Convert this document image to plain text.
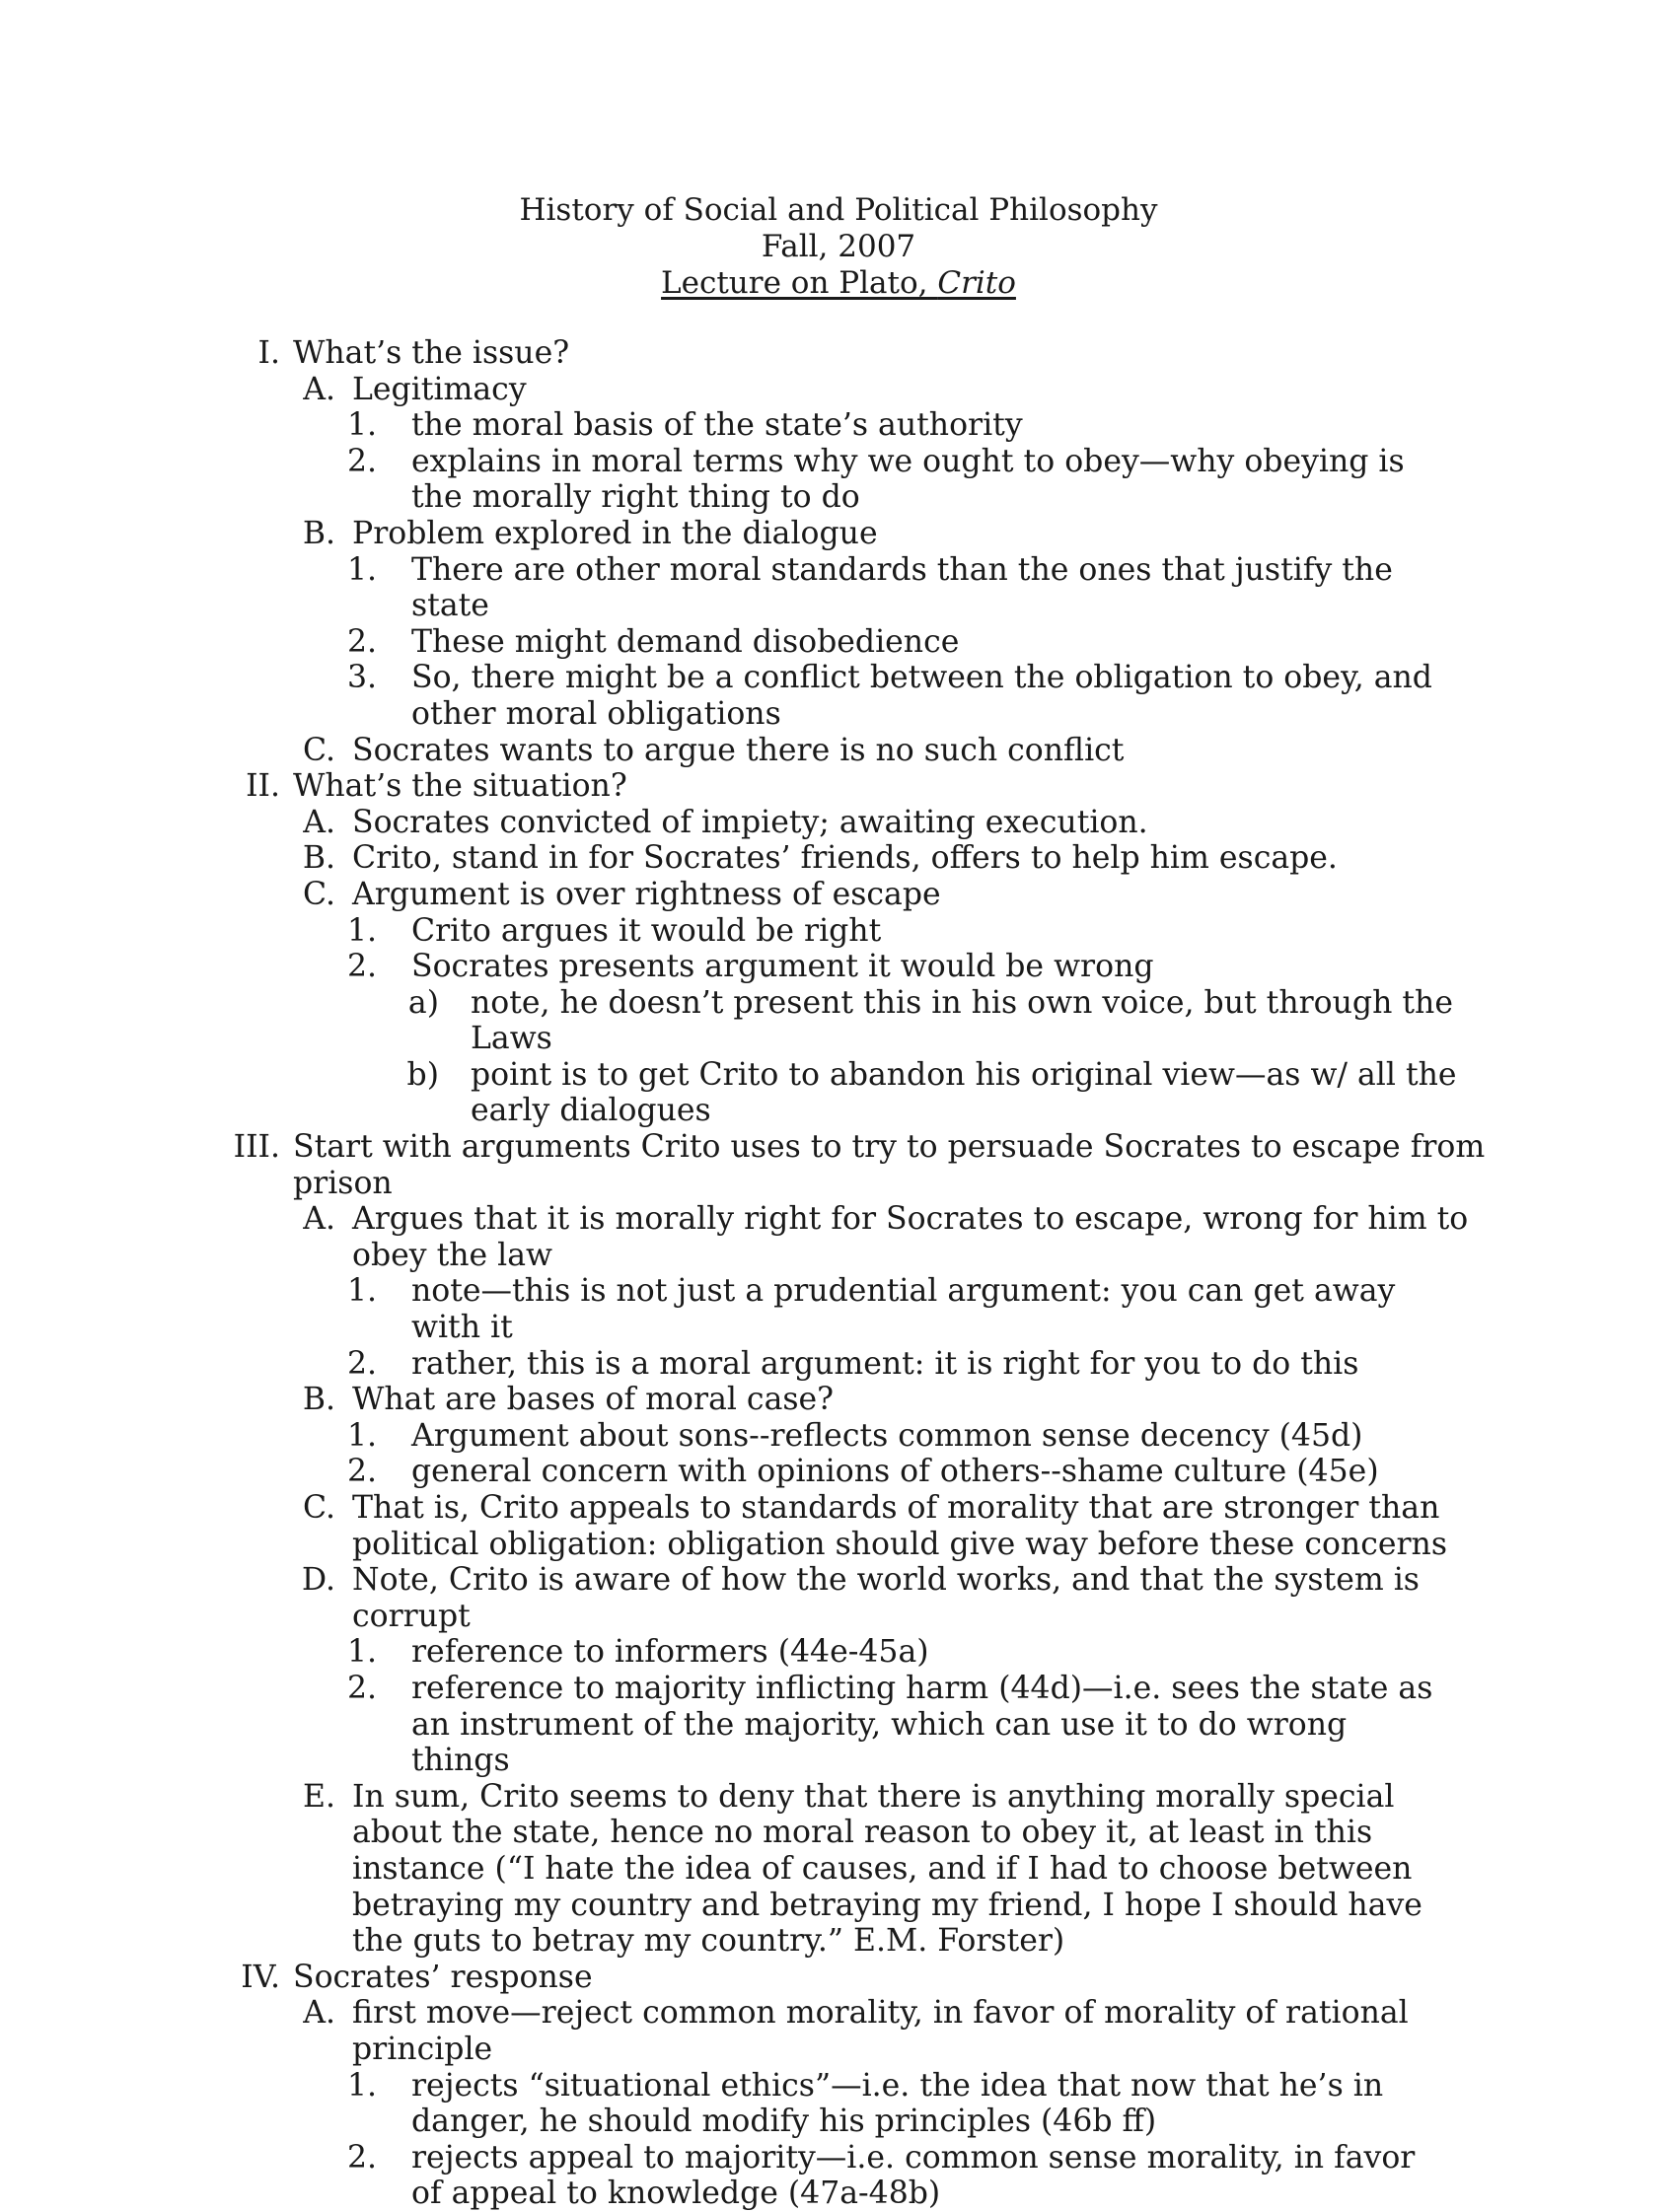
History of Social and Political Philosophy
Fall, 2007
Lecture on Plato, Crito
I. What’s the issue?
A. Legitimacy
1. the moral basis of the state’s authority
2. explains in moral terms why we ought to obey—why obeying is the morally right thing to do
B. Problem explored in the dialogue
1. There are other moral standards than the ones that justify the state
2. These might demand disobedience
3. So, there might be a conflict between the obligation to obey, and other moral obligations
C. Socrates wants to argue there is no such conflict
II. What’s the situation?
A. Socrates convicted of impiety; awaiting execution.
B. Crito, stand in for Socrates’ friends, offers to help him escape.
C. Argument is over rightness of escape
1. Crito argues it would be right
2. Socrates presents argument it would be wrong
a) note, he doesn’t present this in his own voice, but through the Laws
b) point is to get Crito to abandon his original view—as w/ all the early dialogues
III. Start with arguments Crito uses to try to persuade Socrates to escape from prison
A. Argues that it is morally right for Socrates to escape, wrong for him to obey the law
1. note—this is not just a prudential argument: you can get away with it
2. rather, this is a moral argument: it is right for you to do this
B. What are bases of moral case?
1. Argument about sons--reflects common sense decency (45d)
2. general concern with opinions of others--shame culture (45e)
C. That is, Crito appeals to standards of morality that are stronger than political obligation: obligation should give way before these concerns
D. Note, Crito is aware of how the world works, and that the system is corrupt
1. reference to informers (44e-45a)
2. reference to majority inflicting harm (44d)—i.e. sees the state as an instrument of the majority, which can use it to do wrong things
E. In sum, Crito seems to deny that there is anything morally special about the state, hence no moral reason to obey it, at least in this instance (“I hate the idea of causes, and if I had to choose between betraying my country and betraying my friend, I hope I should have the guts to betray my country.” E.M. Forster)
IV. Socrates’ response
A. first move—reject common morality, in favor of morality of rational principle
1. rejects “situational ethics”—i.e. the idea that now that he’s in danger, he should modify his principles (46b ff)
2. rejects appeal to majority—i.e. common sense morality, in favor of appeal to knowledge (47a-48b)
